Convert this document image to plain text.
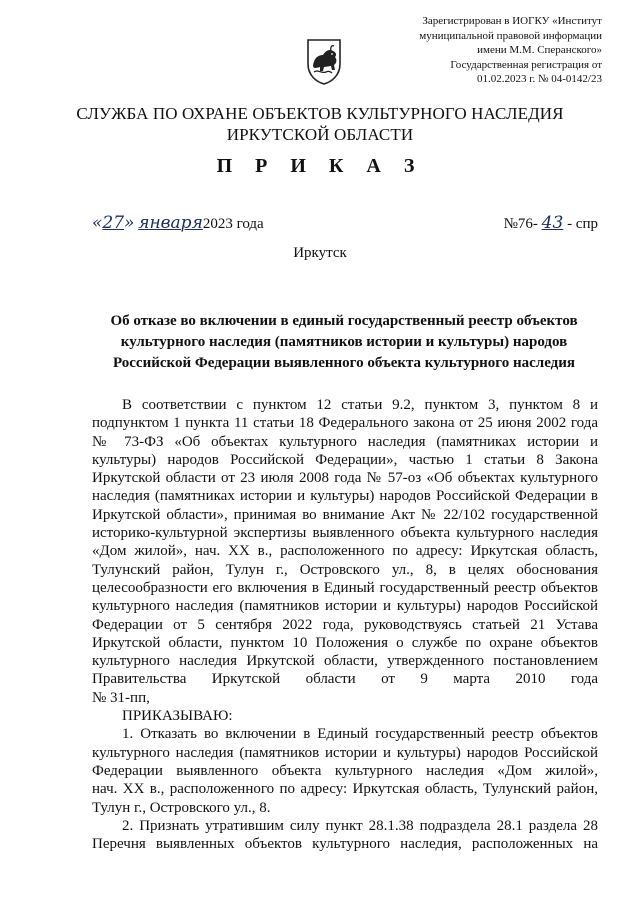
Зарегистрирован в ИОГКУ «Институт
муниципальной правовой информации
имени М.М. Сперанского»
Государственная регистрация от
01.02.2023 г. № 04-0142/23
СЛУЖБА ПО ОХРАНЕ ОБЪЕКТОВ КУЛЬТУРНОГО НАСЛЕДИЯ
ИРКУТСКОЙ ОБЛАСТИ
П Р И К А З
«27» января2023 года	№76- 43 - спр
Иркутск
Об отказе во включении в единый государственный реестр объектов
культурного наследия (памятников истории и культуры) народов
Российской Федерации выявленного объекта культурного наследия
В соответствии с пунктом 12 статьи 9.2, пунктом 3, пунктом 8 и
подпунктом 1 пункта 11 статьи 18 Федерального закона от 25 июня 2002 года
№ 73-ФЗ «Об объектах культурного наследия (памятниках истории и
культуры) народов Российской Федерации», частью 1 статьи 8 Закона
Иркутской области от 23 июля 2008 года № 57-оз «Об объектах культурного
наследия (памятниках истории и культуры) народов Российской Федерации в
Иркутской области», принимая во внимание Акт № 22/102 государственной
историко-культурной экспертизы выявленного объекта культурного наследия
«Дом жилой», нач. XX в., расположенного по адресу: Иркутская область,
Тулунский район, Тулун г., Островского ул., 8, в целях обоснования
целесообразности его включения в Единый государственный реестр объектов
культурного наследия (памятников истории и культуры) народов Российской
Федерации от 5 сентября 2022 года, руководствуясь статьей 21 Устава
Иркутской области, пунктом 10 Положения о службе по охране объектов
культурного наследия Иркутской области, утвержденного постановлением
Правительства Иркутской области от 9 марта 2010 года
№ 31-пп,
ПРИКАЗЫВАЮ:
1. Отказать во включении в Единый государственный реестр объектов
культурного наследия (памятников истории и культуры) народов Российской
Федерации выявленного объекта культурного наследия «Дом жилой»,
нач. XX в., расположенного по адресу: Иркутская область, Тулунский район,
Тулун г., Островского ул., 8.
2. Признать утратившим силу пункт 28.1.38 подраздела 28.1 раздела 28
Перечня выявленных объектов культурного наследия, расположенных на
